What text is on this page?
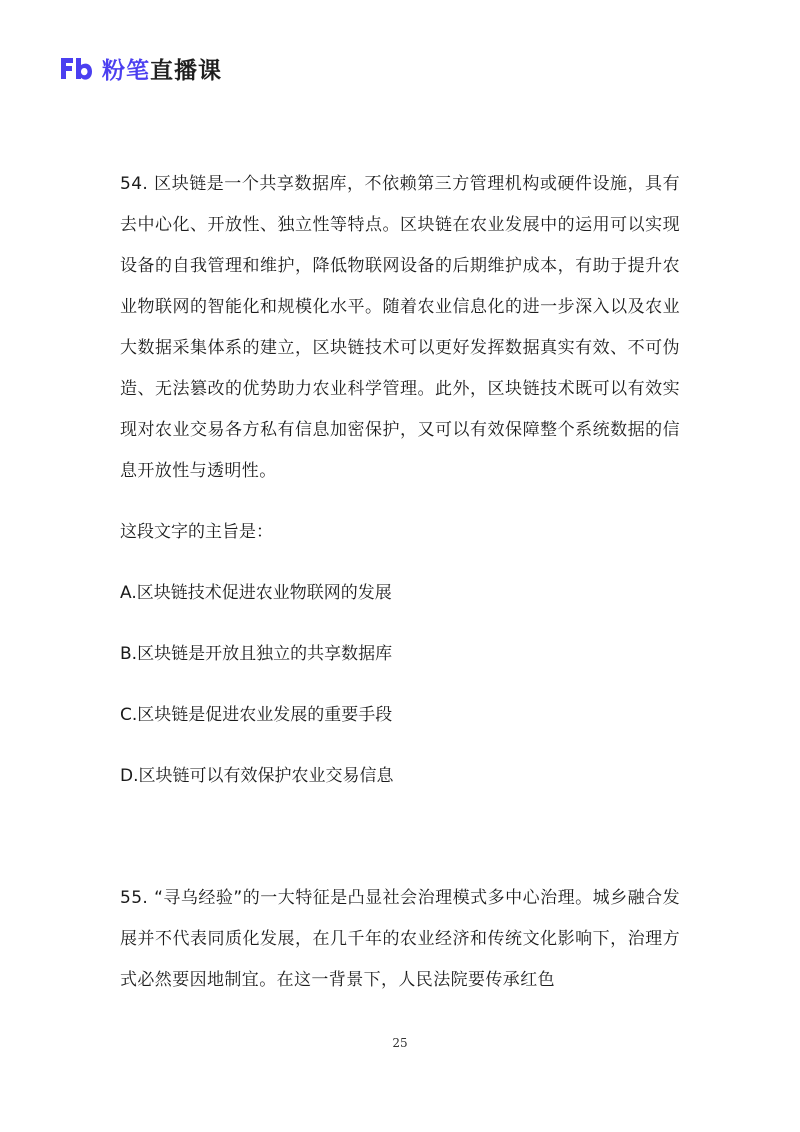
粉笔直播课

54. 区块链是一个共享数据库，不依赖第三方管理机构或硬件设施，具有去中心化、开放性、独立性等特点。区块链在农业发展中的运用可以实现设备的自我管理和维护，降低物联网设备的后期维护成本，有助于提升农业物联网的智能化和规模化水平。随着农业信息化的进一步深入以及农业大数据采集体系的建立，区块链技术可以更好发挥数据真实有效、不可伪造、无法篡改的优势助力农业科学管理。此外，区块链技术既可以有效实现对农业交易各方私有信息加密保护，又可以有效保障整个系统数据的信息开放性与透明性。

这段文字的主旨是：

A.区块链技术促进农业物联网的发展
B.区块链是开放且独立的共享数据库
C.区块链是促进农业发展的重要手段
D.区块链可以有效保护农业交易信息

55. “寻乌经验”的一大特征是凸显社会治理模式多中心治理。城乡融合发展并不代表同质化发展，在几千年的农业经济和传统文化影响下，治理方式必然要因地制宜。在这一背景下，人民法院要传承红色

25
